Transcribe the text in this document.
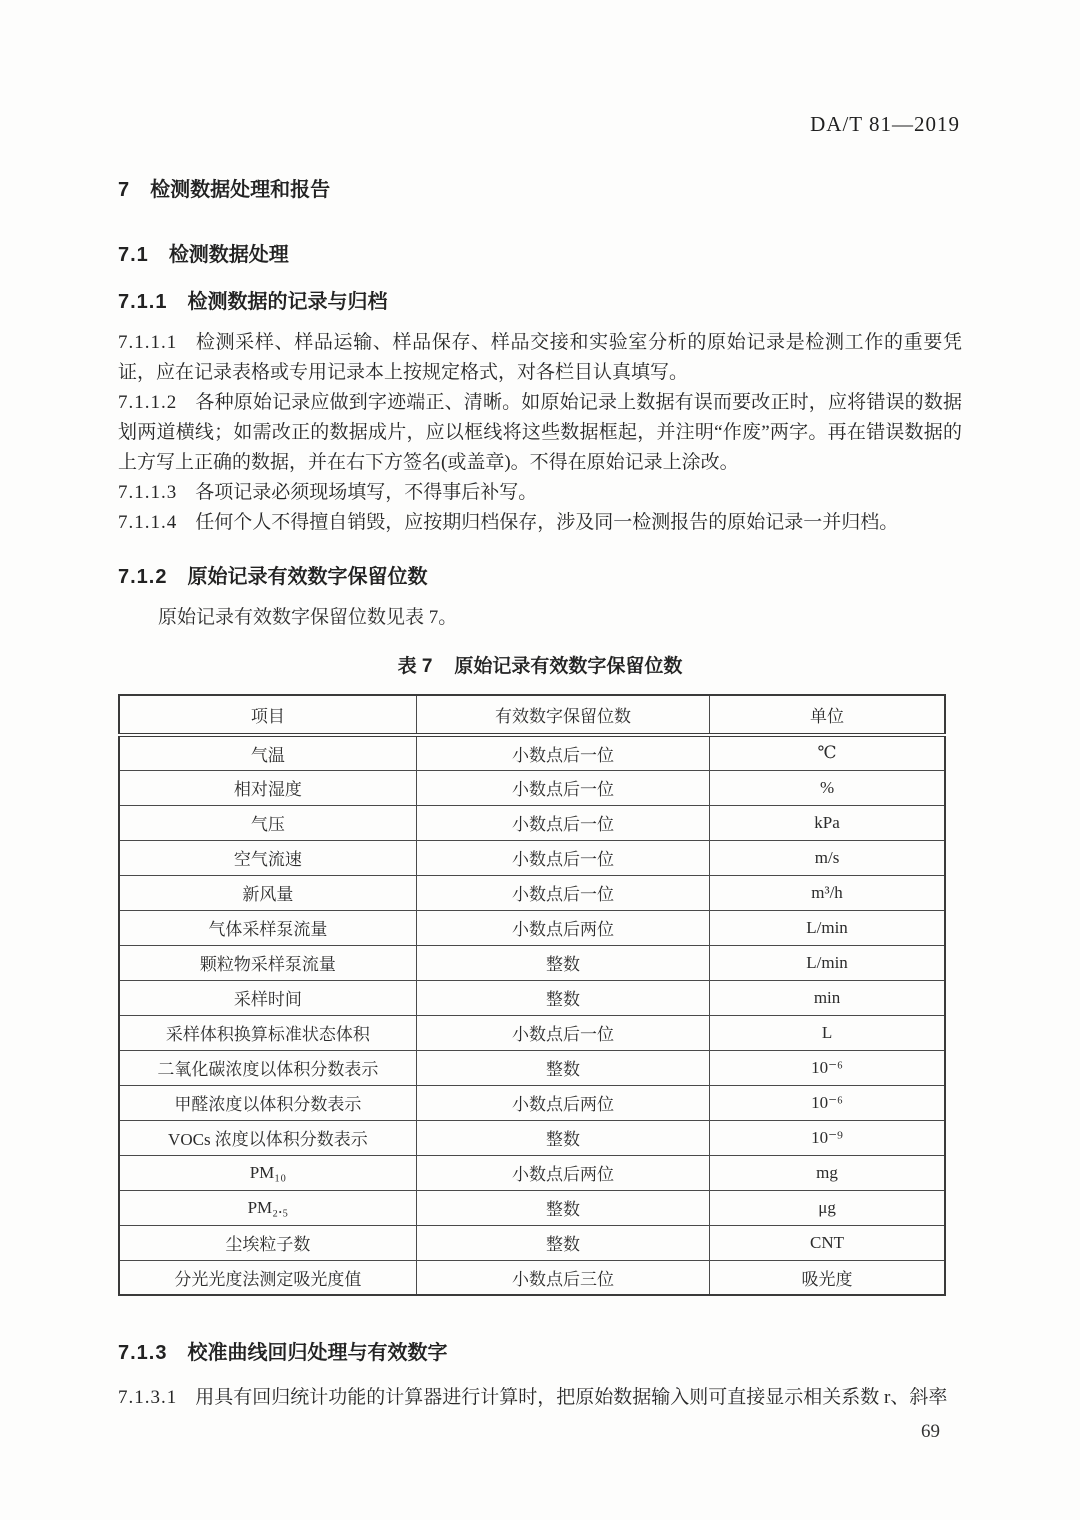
DA/T 81—2019
7 检测数据处理和报告
7.1 检测数据处理
7.1.1 检测数据的记录与归档

7.1.1.1 检测采样、样品运输、样品保存、样品交接和实验室分析的原始记录是检测工作的重要凭证，应在记录表格或专用记录本上按规定格式，对各栏目认真填写。

7.1.1.2 各种原始记录应做到字迹端正、清晰。如原始记录上数据有误而要改正时，应将错误的数据划两道横线；如需改正的数据成片，应以框线将这些数据框起，并注明“作废”两字。再在错误数据的上方写上正确的数据，并在右下方签名(或盖章)。不得在原始记录上涂改。

7.1.1.3 各项记录必须现场填写，不得事后补写。

7.1.1.4 任何个人不得擅自销毁，应按期归档保存，涉及同一检测报告的原始记录一并归档。

7.1.2 原始记录有效数字保留位数

原始记录有效数字保留位数见表 7。

表 7 原始记录有效数字保留位数
项目	有效数字保留位数	单位
气温	小数点后一位	℃
相对湿度	小数点后一位	%
气压	小数点后一位	kPa
空气流速	小数点后一位	m/s
新风量	小数点后一位	m³/h
气体采样泵流量	小数点后两位	L/min
颗粒物采样泵流量	整数	L/min
采样时间	整数	min
采样体积换算标准状态体积	小数点后一位	L
二氧化碳浓度以体积分数表示	整数	10⁻⁶
甲醛浓度以体积分数表示	小数点后两位	10⁻⁶
VOCs 浓度以体积分数表示	整数	10⁻⁹
PM₁₀	小数点后两位	mg
PM₂.₅	整数	μg
尘埃粒子数	整数	CNT
分光光度法测定吸光度值	小数点后三位	吸光度
7.1.3 校准曲线回归处理与有效数字

7.1.3.1 用具有回归统计功能的计算器进行计算时，把原始数据输入则可直接显示相关系数 r、斜率

69
